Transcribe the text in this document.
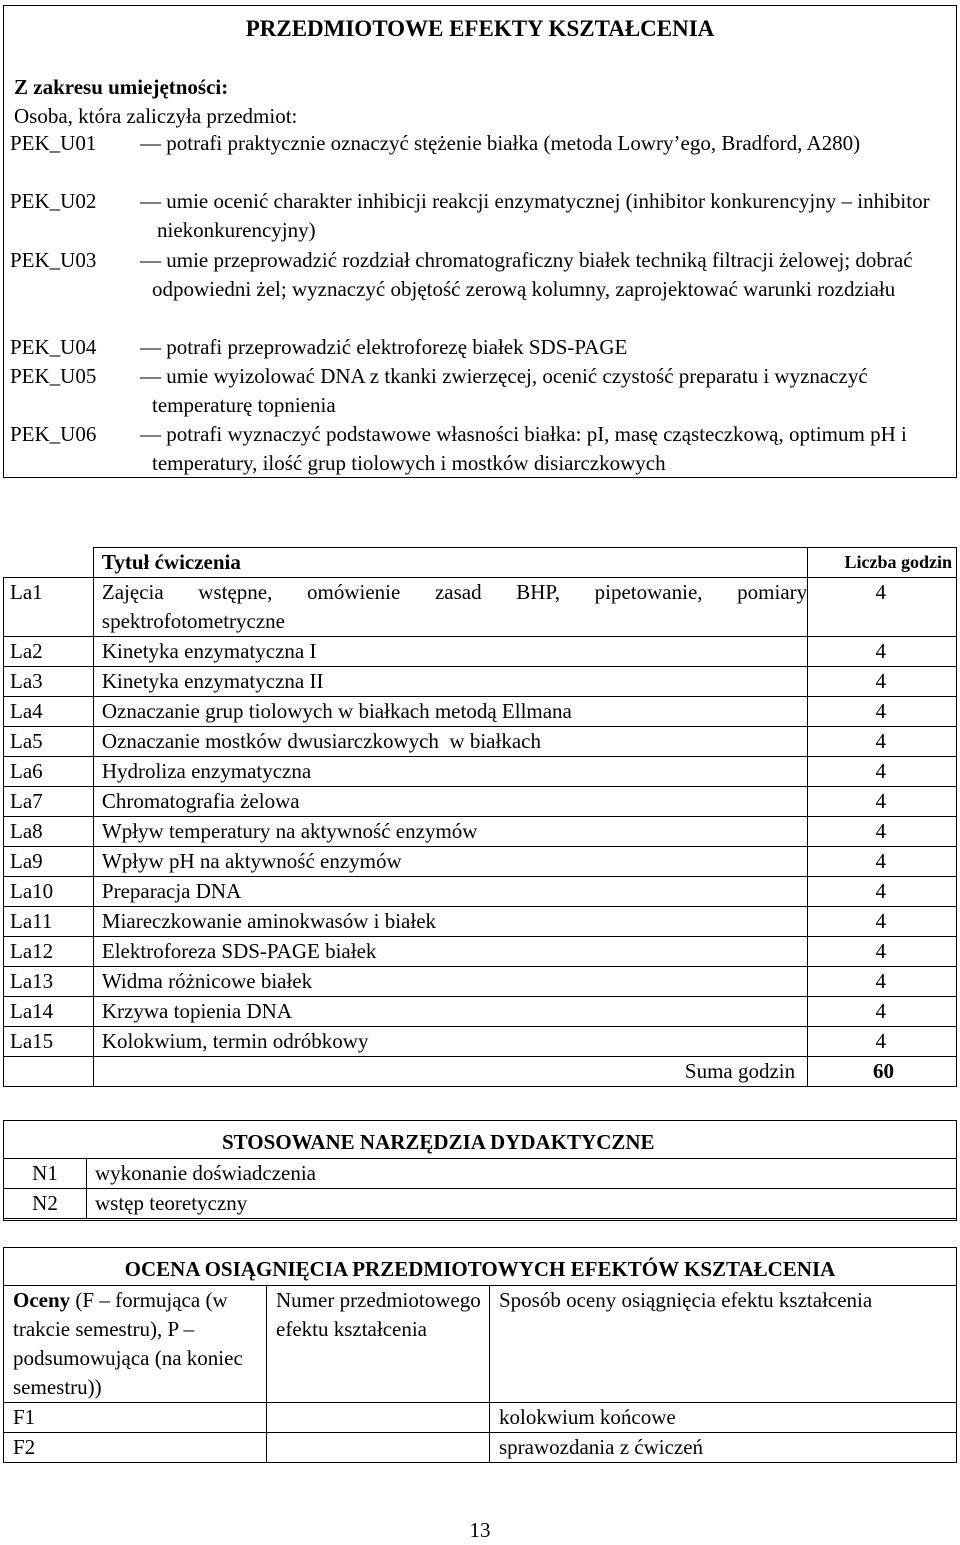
PRZEDMIOTOWE EFEKTY KSZTAŁCENIA
Z zakresu umiejętności:
Osoba, która zaliczyła przedmiot:
PEK_U01	— potrafi praktycznie oznaczyć stężenie białka (metoda Lowry’ego, Bradford, A280)
PEK_U02	— umie ocenić charakter inhibicji reakcji enzymatycznej (inhibitor konkurencyjny – inhibitor niekonkurencyjny)
PEK_U03 — umie przeprowadzić rozdział chromatograficzny białek techniką filtracji żelowej; dobrać odpowiedni żel; wyznaczyć objętość zerową kolumny, zaprojektować warunki rozdziału
PEK_U04	— potrafi przeprowadzić elektroforezę białek SDS-PAGE
PEK_U05 — umie wyizolować DNA z tkanki zwierzęcej, ocenić czystość preparatu i wyznaczyć temperaturę topnienia
PEK_U06 — potrafi wyznaczyć podstawowe własności białka: pI, masę cząsteczkową, optimum pH i temperatury, ilość grup tiolowych i mostków disiarczkowych
	Tytuł ćwiczenia	Liczba godzin
La1	Zajęcia wstępne, omówienie zasad BHP, pipetowanie, pomiary spektrofotometryczne	4
La2	Kinetyka enzymatyczna I	4
La3	Kinetyka enzymatyczna II	4
La4	Oznaczanie grup tiolowych w białkach metodą Ellmana	4
La5	Oznaczanie mostków dwusiarczkowych  w białkach	4
La6	Hydroliza enzymatyczna	4
La7	Chromatografia żelowa	4
La8	Wpływ temperatury na aktywność enzymów	4
La9	Wpływ pH na aktywność enzymów	4
La10	Preparacja DNA	4
La11	Miareczkowanie aminokwasów i białek	4
La12	Elektroforeza SDS-PAGE białek	4
La13	Widma różnicowe białek	4
La14	Krzywa topienia DNA	4
La15	Kolokwium, termin odróbkowy	4
	Suma godzin	60
STOSOWANE NARZĘDZIA DYDAKTYCZNE
N1	wykonanie doświadczenia
N2	wstęp teoretyczny
OCENA OSIĄGNIĘCIA PRZEDMIOTOWYCH EFEKTÓW KSZTAŁCENIA
Oceny (F – formująca (w trakcie semestru), P – podsumowująca (na koniec semestru))	Numer przedmiotowego efektu kształcenia	Sposób oceny osiągnięcia efektu kształcenia
F1		kolokwium końcowe
F2		sprawozdania z ćwiczeń
13
